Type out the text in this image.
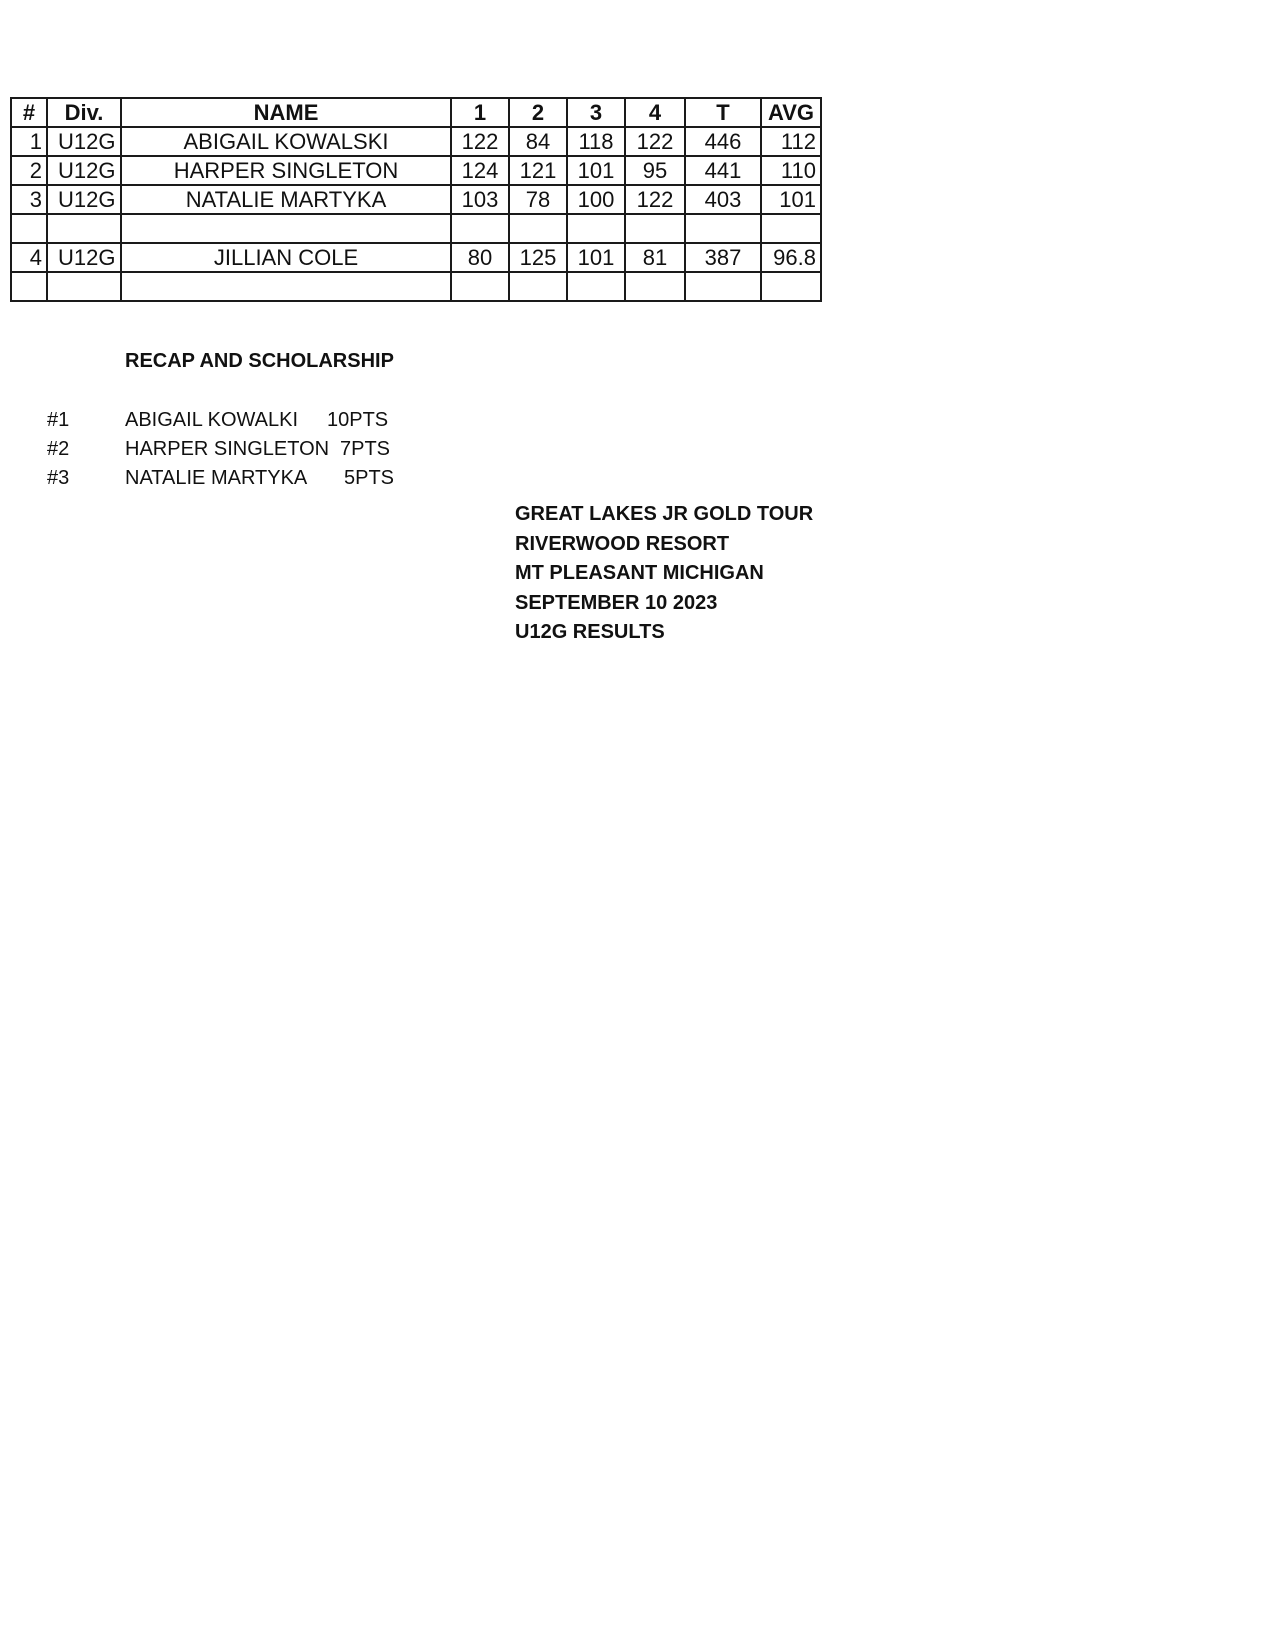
#	Div.	NAME	1	2	3	4	T	AVG
1	U12G	ABIGAIL KOWALSKI	122	84	118	122	446	112
2	U12G	HARPER SINGLETON	124	121	101	95	441	110
3	U12G	NATALIE MARTYKA	103	78	100	122	403	101

4	U12G	JILLIAN COLE	80	125	101	81	387	96.8

RECAP AND SCHOLARSHIP
#1	ABIGAIL KOWALKI	10PTS
#2	HARPER SINGLETON 7PTS
#3	NATALIE MARTYKA	5PTS
GREAT LAKES JR GOLD TOUR
RIVERWOOD RESORT
MT PLEASANT MICHIGAN
SEPTEMBER 10 2023
U12G RESULTS
